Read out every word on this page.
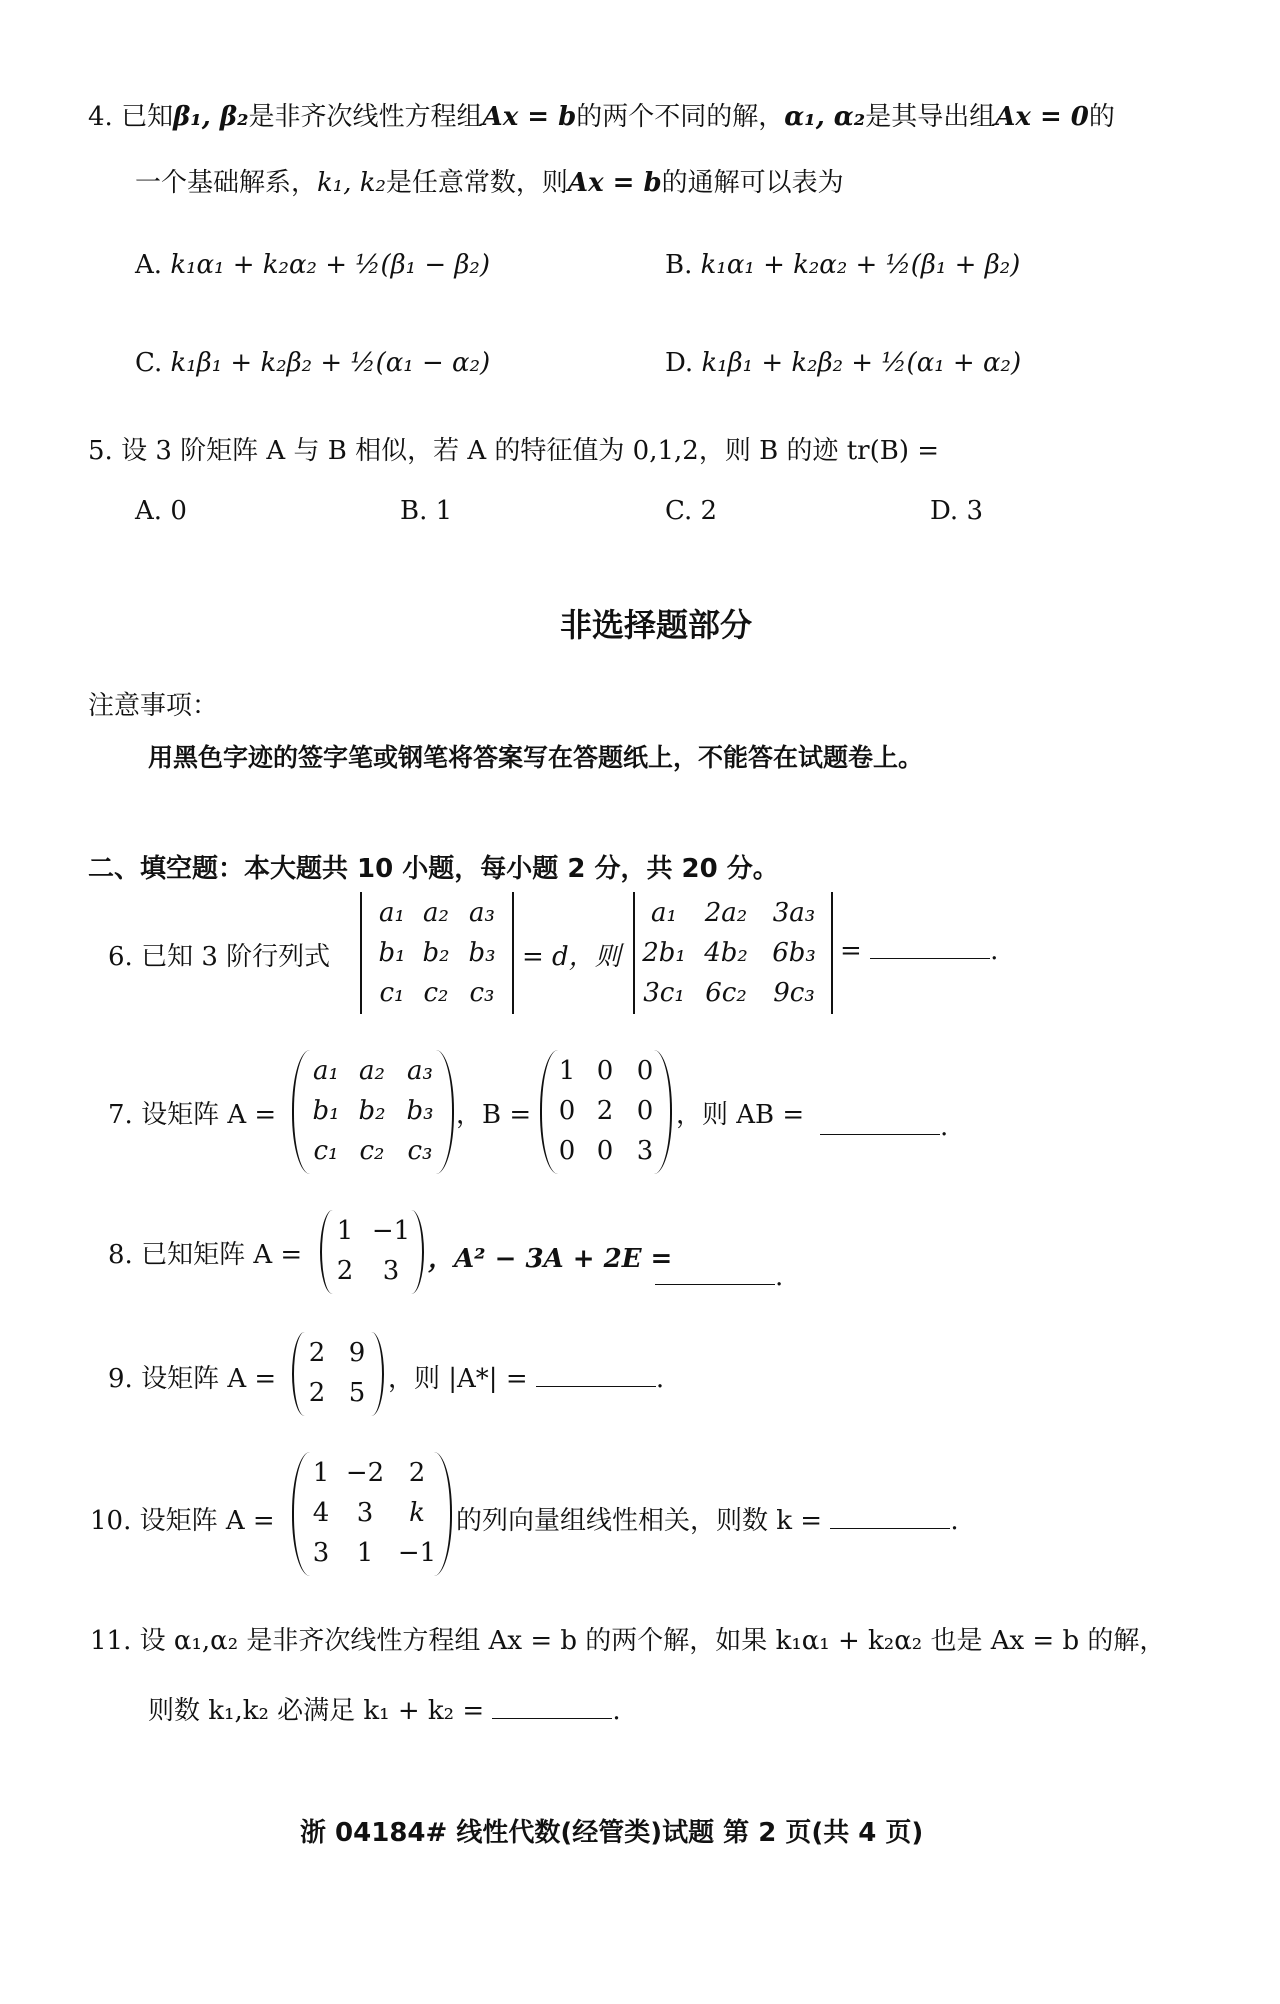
4. 已知β₁, β₂是非齐次线性方程组Ax = b的两个不同的解，α₁, α₂是其导出组Ax = 0的
一个基础解系，k₁, k₂是任意常数，则Ax = b的通解可以表为
A. k₁α₁ + k₂α₂ + ½(β₁ − β₂)	B. k₁α₁ + k₂α₂ + ½(β₁ + β₂)
C. k₁β₁ + k₂β₂ + ½(α₁ − α₂)	D. k₁β₁ + k₂β₂ + ½(α₁ + α₂)
5. 设 3 阶矩阵 A 与 B 相似，若 A 的特征值为 0,1,2，则 B 的迹 tr(B) =
A. 0	B. 1	C. 2	D. 3
非选择题部分
注意事项：
用黑色字迹的签字笔或钢笔将答案写在答题纸上，不能答在试题卷上。
二、填空题：本大题共 10 小题，每小题 2 分，共 20 分。
6. 已知 3 阶行列式
a₁ a₂ a₃
b₁ b₂ b₃
c₁ c₂ c₃
= d，则
a₁	2a₂ 3a₃
2b₁ 4b₂ 6b₃
3c₁ 6c₂	9c₃
=	.
7. 设矩阵 A =
a₁ a₂ a₃
b₁ b₂ b₃
c₁ c₂ c₃
，B =
1 0 0
0 2 0
0 0 3
，则 AB =	.
8. 已知矩阵 A =
1 −1
2	3	，A² − 3A + 2E =
.
9. 设矩阵 A =
2 9
2 5 ，则 |A*| =	.
10. 设矩阵 A =
1 −2 2
4	3	k
3	1 −1
的列向量组线性相关，则数 k =	.
11. 设 α₁,α₂ 是非齐次线性方程组 Ax = b 的两个解，如果 k₁α₁ + k₂α₂ 也是 Ax = b 的解，
则数 k₁,k₂ 必满足 k₁ + k₂ =	.
浙 04184# 线性代数(经管类)试题 第 2 页(共 4 页)
